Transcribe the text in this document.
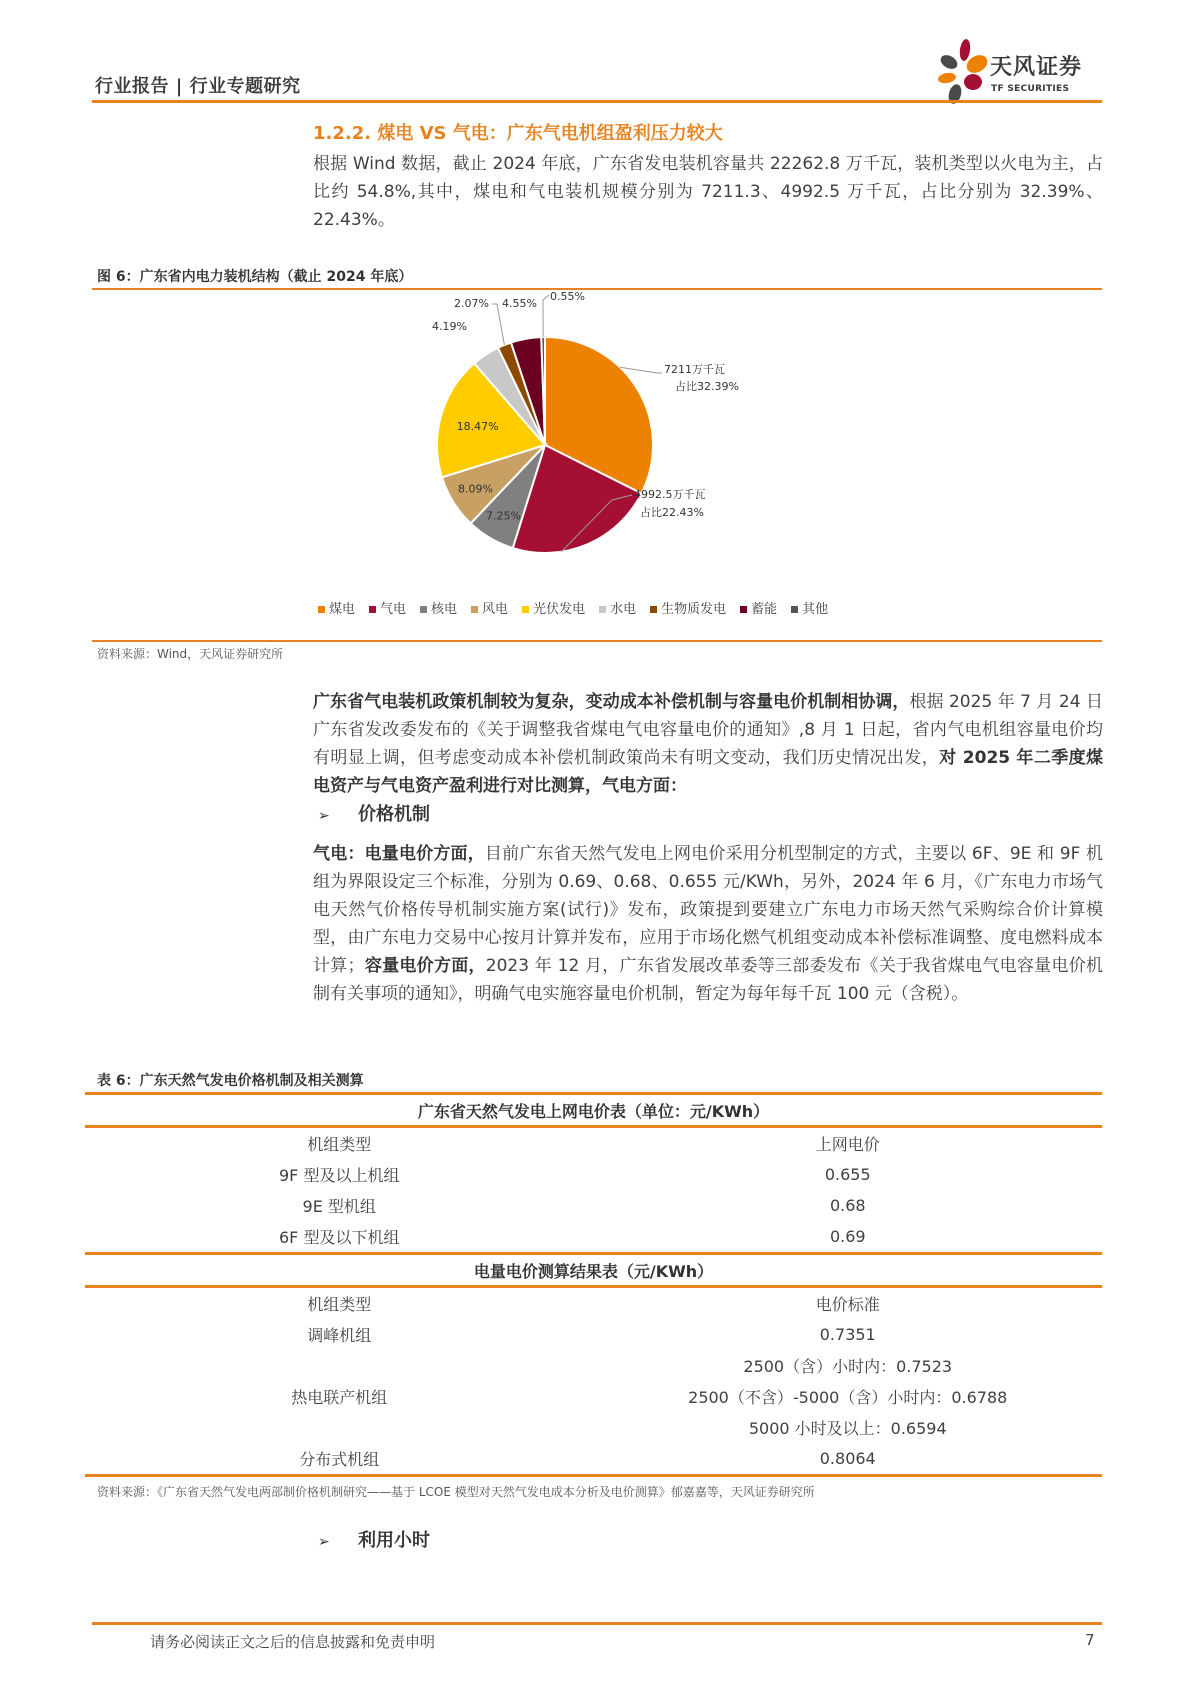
行业报告 | 行业专题研究
天风证券
TF SECURITIES
1.2.2. 煤电 VS 气电：广东气电机组盈利压力较大
根据 Wind 数据，截止 2024 年底，广东省发电装机容量共 22262.8 万千瓦，装机类型以火电为主，占比约 54.8%,其中，煤电和气电装机规模分别为 7211.3、4992.5 万千瓦，占比分别为 32.39%、22.43%。
图 6：广东省内电力装机结构（截止 2024 年底）
7211万千瓦
占比32.39%
4992.5万千瓦
占比22.43%
7.25%
8.09%
18.47%
4.19%
2.07% 4.55%
0.55%
煤电	气电	核电	风电	光伏发电	水电	生物质发电	蓄能	其他
资料来源：Wind，天风证券研究所
广东省气电装机政策机制较为复杂，变动成本补偿机制与容量电价机制相协调，根据 2025 年 7 月 24 日广东省发改委发布的《关于调整我省煤电气电容量电价的通知》,8 月 1 日起，省内气电机组容量电价均有明显上调，但考虑变动成本补偿机制政策尚未有明文变动，我们历史情况出发，对 2025 年二季度煤电资产与气电资产盈利进行对比测算，气电方面：
➢ 价格机制
气电：电量电价方面，目前广东省天然气发电上网电价采用分机型制定的方式，主要以 6F、9E 和 9F 机组为界限设定三个标准，分别为 0.69、0.68、0.655 元/KWh，另外，2024 年 6 月，《广东电力市场气电天然气价格传导机制实施方案(试行)》发布，政策提到要建立广东电力市场天然气采购综合价计算模型，由广东电力交易中心按月计算并发布，应用于市场化燃气机组变动成本补偿标准调整、度电燃料成本计算；容量电价方面，2023 年 12 月，广东省发展改革委等三部委发布《关于我省煤电气电容量电价机制有关事项的通知》，明确气电实施容量电价机制，暂定为每年每千瓦 100 元（含税）。
表 6：广东天然气发电价格机制及相关测算
广东省天然气发电上网电价表（单位：元/KWh）	
机组类型	上网电价
9F 型及以上机组	0.655
9E 型机组	0.68
6F 型及以下机组	0.69
电量电价测算结果表（元/KWh）	
机组类型	电价标准
调峰机组	0.7351
热电联产机组	2500（含）小时内：0.7523
	2500（不含）-5000（含）小时内：0.6788
	5000 小时及以上：0.6594
分布式机组	0.8064
资料来源：《广东省天然气发电两部制价格机制研究——基于 LCOE 模型对天然气发电成本分析及电价测算》郁嘉嘉等，天风证券研究所
➢ 利用小时
请务必阅读正文之后的信息披露和免责申明	7
